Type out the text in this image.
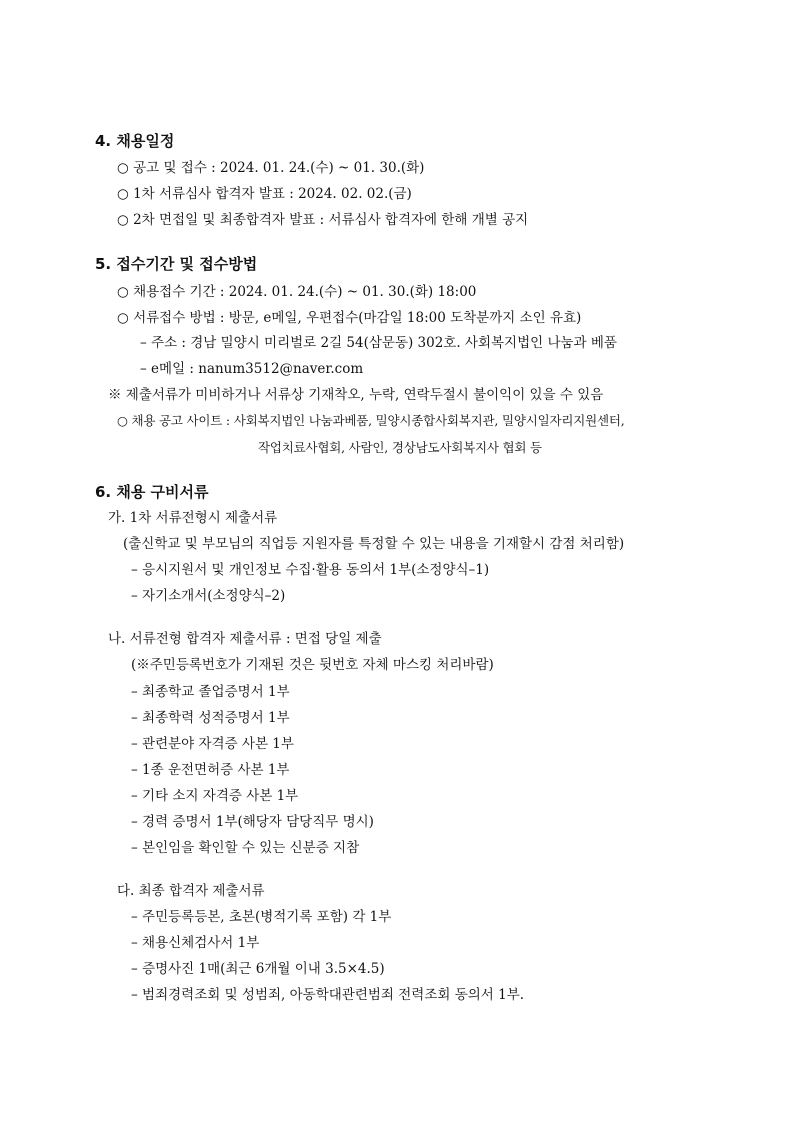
4. 채용일정
○ 공고 및 접수 : 2024. 01. 24.(수) ~ 01. 30.(화)
○ 1차 서류심사 합격자 발표 : 2024. 02. 02.(금)
○ 2차 면접일 및 최종합격자 발표 : 서류심사 합격자에 한해 개별 공지
5. 접수기간 및 접수방법
○ 채용접수 기간 : 2024. 01. 24.(수) ~ 01. 30.(화) 18:00
○ 서류접수 방법 : 방문, e메일, 우편접수(마감일 18:00 도착분까지 소인 유효)
– 주소 : 경남 밀양시 미리벌로 2길 54(삼문동) 302호. 사회복지법인 나눔과 베품
– e메일 : nanum3512@naver.com
※ 제출서류가 미비하거나 서류상 기재착오, 누락, 연락두절시 불이익이 있을 수 있음
○ 채용 공고 사이트 : 사회복지법인 나눔과베품, 밀양시종합사회복지관, 밀양시일자리지원센터,
작업치료사협회, 사람인, 경상남도사회복지사 협회 등
6. 채용 구비서류
가. 1차 서류전형시 제출서류
(출신학교 및 부모님의 직업등 지원자를 특정할 수 있는 내용을 기재할시 감점 처리함)
– 응시지원서 및 개인정보 수집·활용 동의서 1부(소정양식–1)
– 자기소개서(소정양식–2)
나. 서류전형 합격자 제출서류 : 면접 당일 제출
(※주민등록번호가 기재된 것은 뒷번호 자체 마스킹 처리바람)
– 최종학교 졸업증명서 1부
– 최종학력 성적증명서 1부
– 관련분야 자격증 사본 1부
– 1종 운전면허증 사본 1부
– 기타 소지 자격증 사본 1부
– 경력 증명서 1부(해당자 담당직무 명시)
– 본인임을 확인할 수 있는 신분증 지참
다. 최종 합격자 제출서류
– 주민등록등본, 초본(병적기록 포함) 각 1부
– 채용신체검사서 1부
– 증명사진 1매(최근 6개월 이내 3.5×4.5)
– 범죄경력조회 및 성범죄, 아동학대관련범죄 전력조회 동의서 1부.
